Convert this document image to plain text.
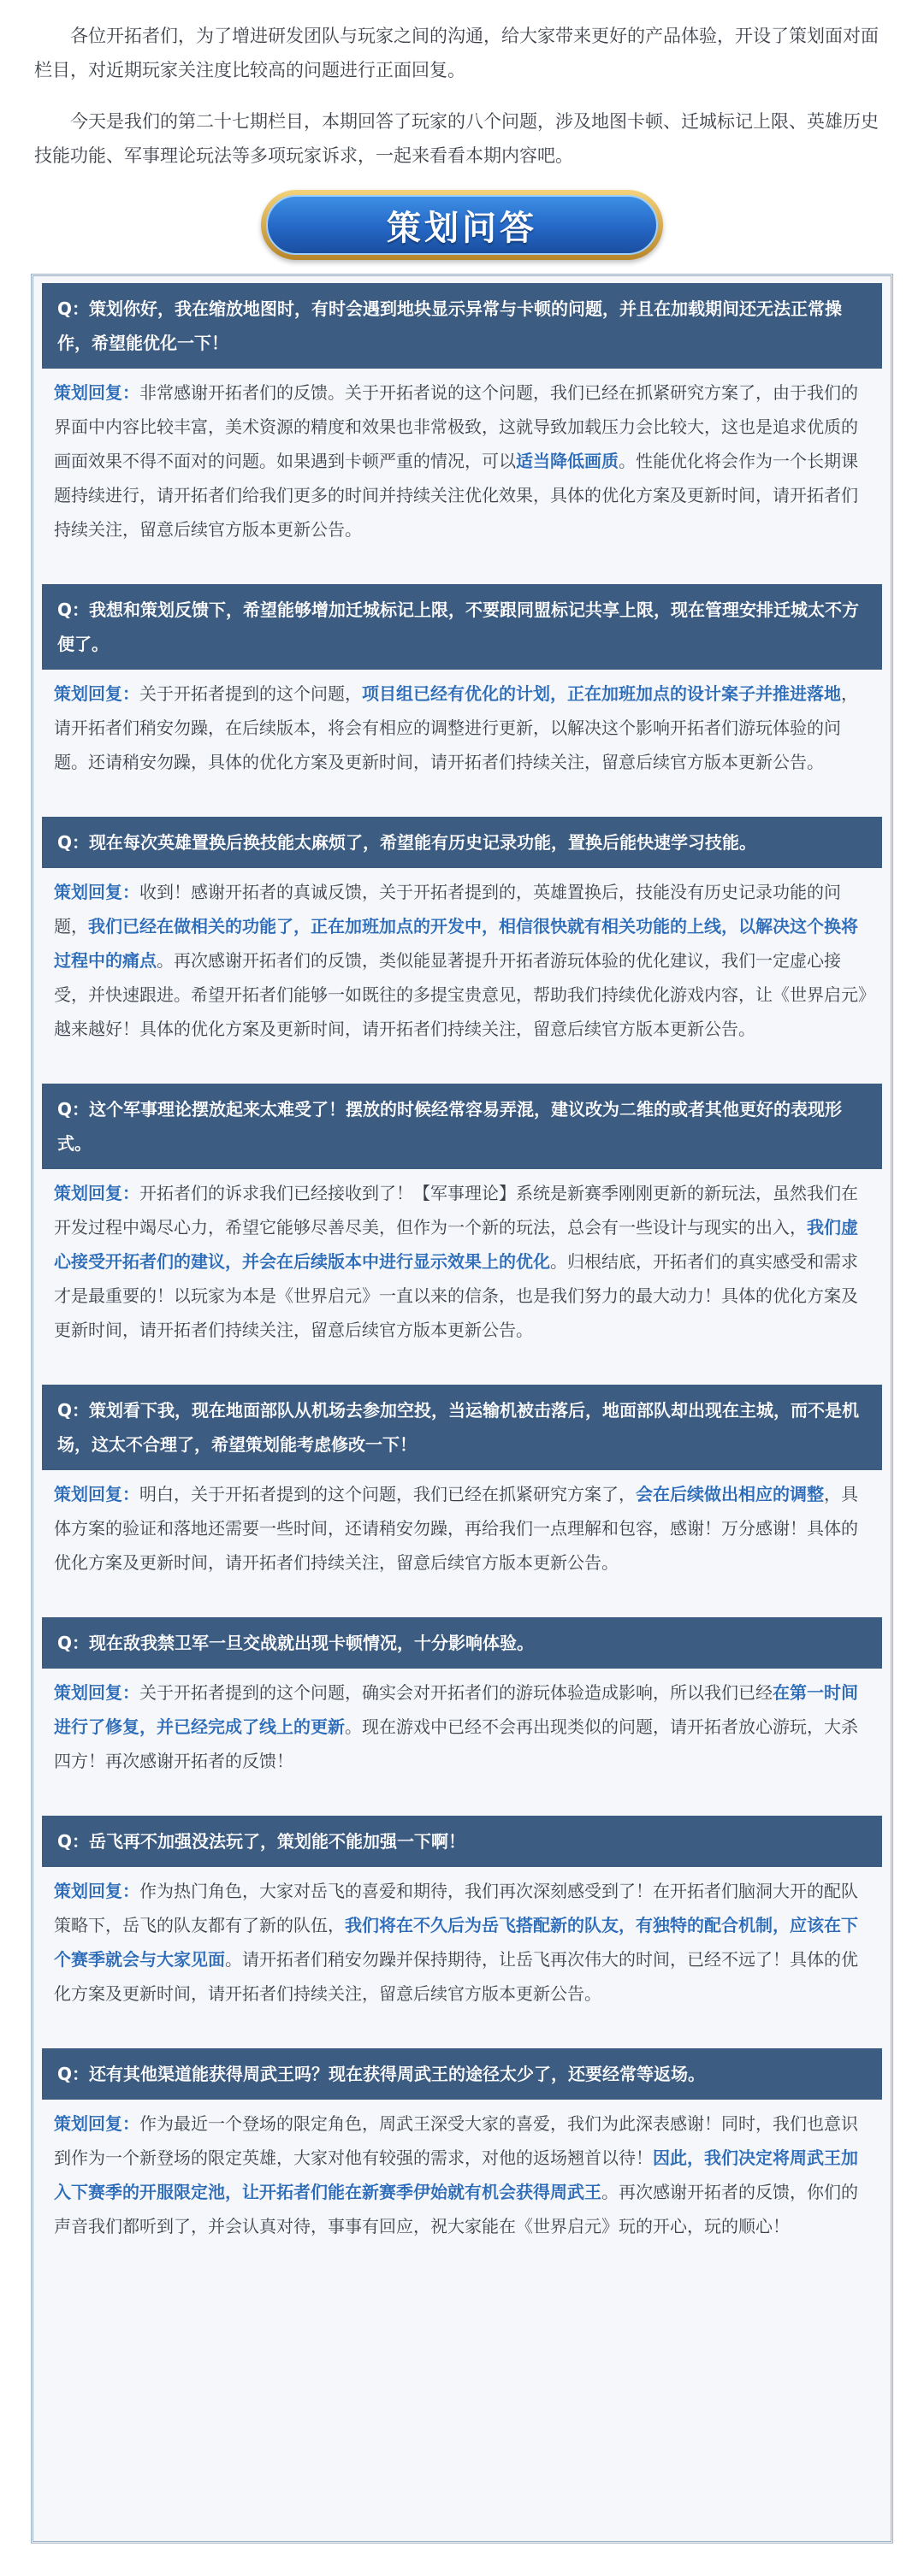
各位开拓者们，为了增进研发团队与玩家之间的沟通，给大家带来更好的产品体验，开设了策划面对面栏目，对近期玩家关注度比较高的问题进行正面回复。

今天是我们的第二十七期栏目，本期回答了玩家的八个问题，涉及地图卡顿、迁城标记上限、英雄历史技能功能、军事理论玩法等多项玩家诉求，一起来看看本期内容吧。

策划问答
Q：策划你好，我在缩放地图时，有时会遇到地块显示异常与卡顿的问题，并且在加载期间还无法正常操作，希望能优化一下！
策划回复：非常感谢开拓者们的反馈。关于开拓者说的这个问题，我们已经在抓紧研究方案了，由于我们的界面中内容比较丰富，美术资源的精度和效果也非常极致，这就导致加载压力会比较大，这也是追求优质的画面效果不得不面对的问题。如果遇到卡顿严重的情况，可以适当降低画质。性能优化将会作为一个长期课题持续进行，请开拓者们给我们更多的时间并持续关注优化效果，具体的优化方案及更新时间，请开拓者们持续关注，留意后续官方版本更新公告。
Q：我想和策划反馈下，希望能够增加迁城标记上限，不要跟同盟标记共享上限，现在管理安排迁城太不方便了。
策划回复：关于开拓者提到的这个问题，项目组已经有优化的计划，正在加班加点的设计案子并推进落地，请开拓者们稍安勿躁，在后续版本，将会有相应的调整进行更新，以解决这个影响开拓者们游玩体验的问题。还请稍安勿躁，具体的优化方案及更新时间，请开拓者们持续关注，留意后续官方版本更新公告。
Q：现在每次英雄置换后换技能太麻烦了，希望能有历史记录功能，置换后能快速学习技能。
策划回复：收到！感谢开拓者的真诚反馈，关于开拓者提到的，英雄置换后，技能没有历史记录功能的问题，我们已经在做相关的功能了，正在加班加点的开发中，相信很快就有相关功能的上线，以解决这个换将过程中的痛点。再次感谢开拓者们的反馈，类似能显著提升开拓者游玩体验的优化建议，我们一定虚心接受，并快速跟进。希望开拓者们能够一如既往的多提宝贵意见，帮助我们持续优化游戏内容，让《世界启元》越来越好！具体的优化方案及更新时间，请开拓者们持续关注，留意后续官方版本更新公告。
Q：这个军事理论摆放起来太难受了！摆放的时候经常容易弄混，建议改为二维的或者其他更好的表现形式。
策划回复：开拓者们的诉求我们已经接收到了！【军事理论】系统是新赛季刚刚更新的新玩法，虽然我们在开发过程中竭尽心力，希望它能够尽善尽美，但作为一个新的玩法，总会有一些设计与现实的出入，我们虚心接受开拓者们的建议，并会在后续版本中进行显示效果上的优化。归根结底，开拓者们的真实感受和需求才是最重要的！以玩家为本是《世界启元》一直以来的信条，也是我们努力的最大动力！具体的优化方案及更新时间，请开拓者们持续关注，留意后续官方版本更新公告。
Q：策划看下我，现在地面部队从机场去参加空投，当运输机被击落后，地面部队却出现在主城，而不是机场，这太不合理了，希望策划能考虑修改一下！
策划回复：明白，关于开拓者提到的这个问题，我们已经在抓紧研究方案了，会在后续做出相应的调整，具体方案的验证和落地还需要一些时间，还请稍安勿躁，再给我们一点理解和包容，感谢！万分感谢！具体的优化方案及更新时间，请开拓者们持续关注，留意后续官方版本更新公告。
Q：现在敌我禁卫军一旦交战就出现卡顿情况，十分影响体验。
策划回复：关于开拓者提到的这个问题，确实会对开拓者们的游玩体验造成影响，所以我们已经在第一时间进行了修复，并已经完成了线上的更新。现在游戏中已经不会再出现类似的问题，请开拓者放心游玩，大杀四方！再次感谢开拓者的反馈！
Q：岳飞再不加强没法玩了，策划能不能加强一下啊！
策划回复：作为热门角色，大家对岳飞的喜爱和期待，我们再次深刻感受到了！在开拓者们脑洞大开的配队策略下，岳飞的队友都有了新的队伍，我们将在不久后为岳飞搭配新的队友，有独特的配合机制，应该在下个赛季就会与大家见面。请开拓者们稍安勿躁并保持期待，让岳飞再次伟大的时间，已经不远了！具体的优化方案及更新时间，请开拓者们持续关注，留意后续官方版本更新公告。
Q：还有其他渠道能获得周武王吗？现在获得周武王的途径太少了，还要经常等返场。
策划回复：作为最近一个登场的限定角色，周武王深受大家的喜爱，我们为此深表感谢！同时，我们也意识到作为一个新登场的限定英雄，大家对他有较强的需求，对他的返场翘首以待！因此，我们决定将周武王加入下赛季的开服限定池，让开拓者们能在新赛季伊始就有机会获得周武王。再次感谢开拓者的反馈，你们的声音我们都听到了，并会认真对待，事事有回应，祝大家能在《世界启元》玩的开心，玩的顺心！
